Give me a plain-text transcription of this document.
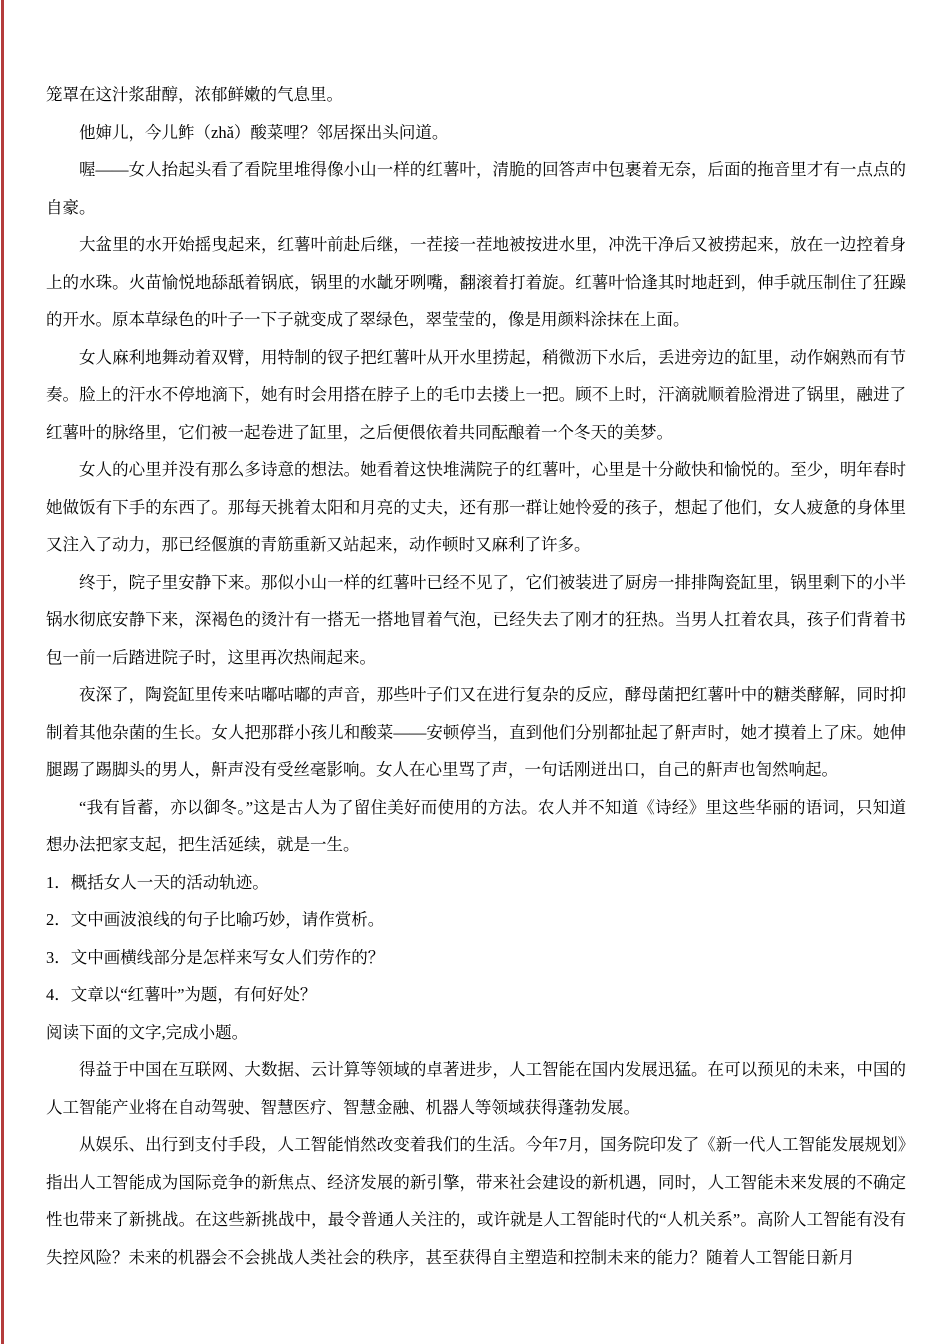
笼罩在这汁浆甜醇，浓郁鲜嫩的气息里。

他婶儿，今儿鲊（zhǎ）酸菜哩？邻居探出头问道。

喔——女人抬起头看了看院里堆得像小山一样的红薯叶，清脆的回答声中包裹着无奈，后面的拖音里才有一点点的自豪。

大盆里的水开始摇曳起来，红薯叶前赴后继，一茬接一茬地被按进水里，冲洗干净后又被捞起来，放在一边控着身上的水珠。火苗愉悦地舔舐着锅底，锅里的水龇牙咧嘴，翻滚着打着旋。红薯叶恰逢其时地赶到，伸手就压制住了狂躁的开水。原本草绿色的叶子一下子就变成了翠绿色，翠莹莹的，像是用颜料涂抹在上面。

女人麻利地舞动着双臂，用特制的钗子把红薯叶从开水里捞起，稍微沥下水后，丢进旁边的缸里，动作娴熟而有节奏。脸上的汗水不停地滴下，她有时会用搭在脖子上的毛巾去搂上一把。顾不上时，汗滴就顺着脸滑进了锅里，融进了红薯叶的脉络里，它们被一起卷进了缸里，之后便偎依着共同酝酿着一个冬天的美梦。

女人的心里并没有那么多诗意的想法。她看着这快堆满院子的红薯叶，心里是十分敞快和愉悦的。至少，明年春时她做饭有下手的东西了。那每天挑着太阳和月亮的丈夫，还有那一群让她怜爱的孩子，想起了他们，女人疲惫的身体里又注入了动力，那已经偃旗的青筋重新又站起来，动作顿时又麻利了许多。

终于，院子里安静下来。那似小山一样的红薯叶已经不见了，它们被装进了厨房一排排陶瓷缸里，锅里剩下的小半锅水彻底安静下来，深褐色的烫汁有一搭无一搭地冒着气泡，已经失去了刚才的狂热。当男人扛着农具，孩子们背着书包一前一后踏进院子时，这里再次热闹起来。

夜深了，陶瓷缸里传来咕嘟咕嘟的声音，那些叶子们又在进行复杂的反应，酵母菌把红薯叶中的糖类酵解，同时抑制着其他杂菌的生长。女人把那群小孩儿和酸菜——安顿停当，直到他们分别都扯起了鼾声时，她才摸着上了床。她伸腿踢了踢脚头的男人，鼾声没有受丝毫影响。女人在心里骂了声，一句话刚迸出口，自己的鼾声也訇然响起。

“我有旨蓄，亦以御冬。”这是古人为了留住美好而使用的方法。农人并不知道《诗经》里这些华丽的语词，只知道想办法把家支起，把生活延续，就是一生。

1．概括女人一天的活动轨迹。

2．文中画波浪线的句子比喻巧妙，请作赏析。

3．文中画横线部分是怎样来写女人们劳作的？

4．文章以“红薯叶”为题，有何好处？

阅读下面的文字,完成小题。

得益于中国在互联网、大数据、云计算等领域的卓著进步，人工智能在国内发展迅猛。在可以预见的未来，中国的人工智能产业将在自动驾驶、智慧医疗、智慧金融、机器人等领域获得蓬勃发展。

从娱乐、出行到支付手段，人工智能悄然改变着我们的生活。今年7月，国务院印发了《新一代人工智能发展规划》指出人工智能成为国际竞争的新焦点、经济发展的新引擎，带来社会建设的新机遇，同时，人工智能未来发展的不确定性也带来了新挑战。在这些新挑战中，最令普通人关注的，或许就是人工智能时代的“人机关系”。高阶人工智能有没有失控风险？未来的机器会不会挑战人类社会的秩序，甚至获得自主塑造和控制未来的能力？随着人工智能日新月
